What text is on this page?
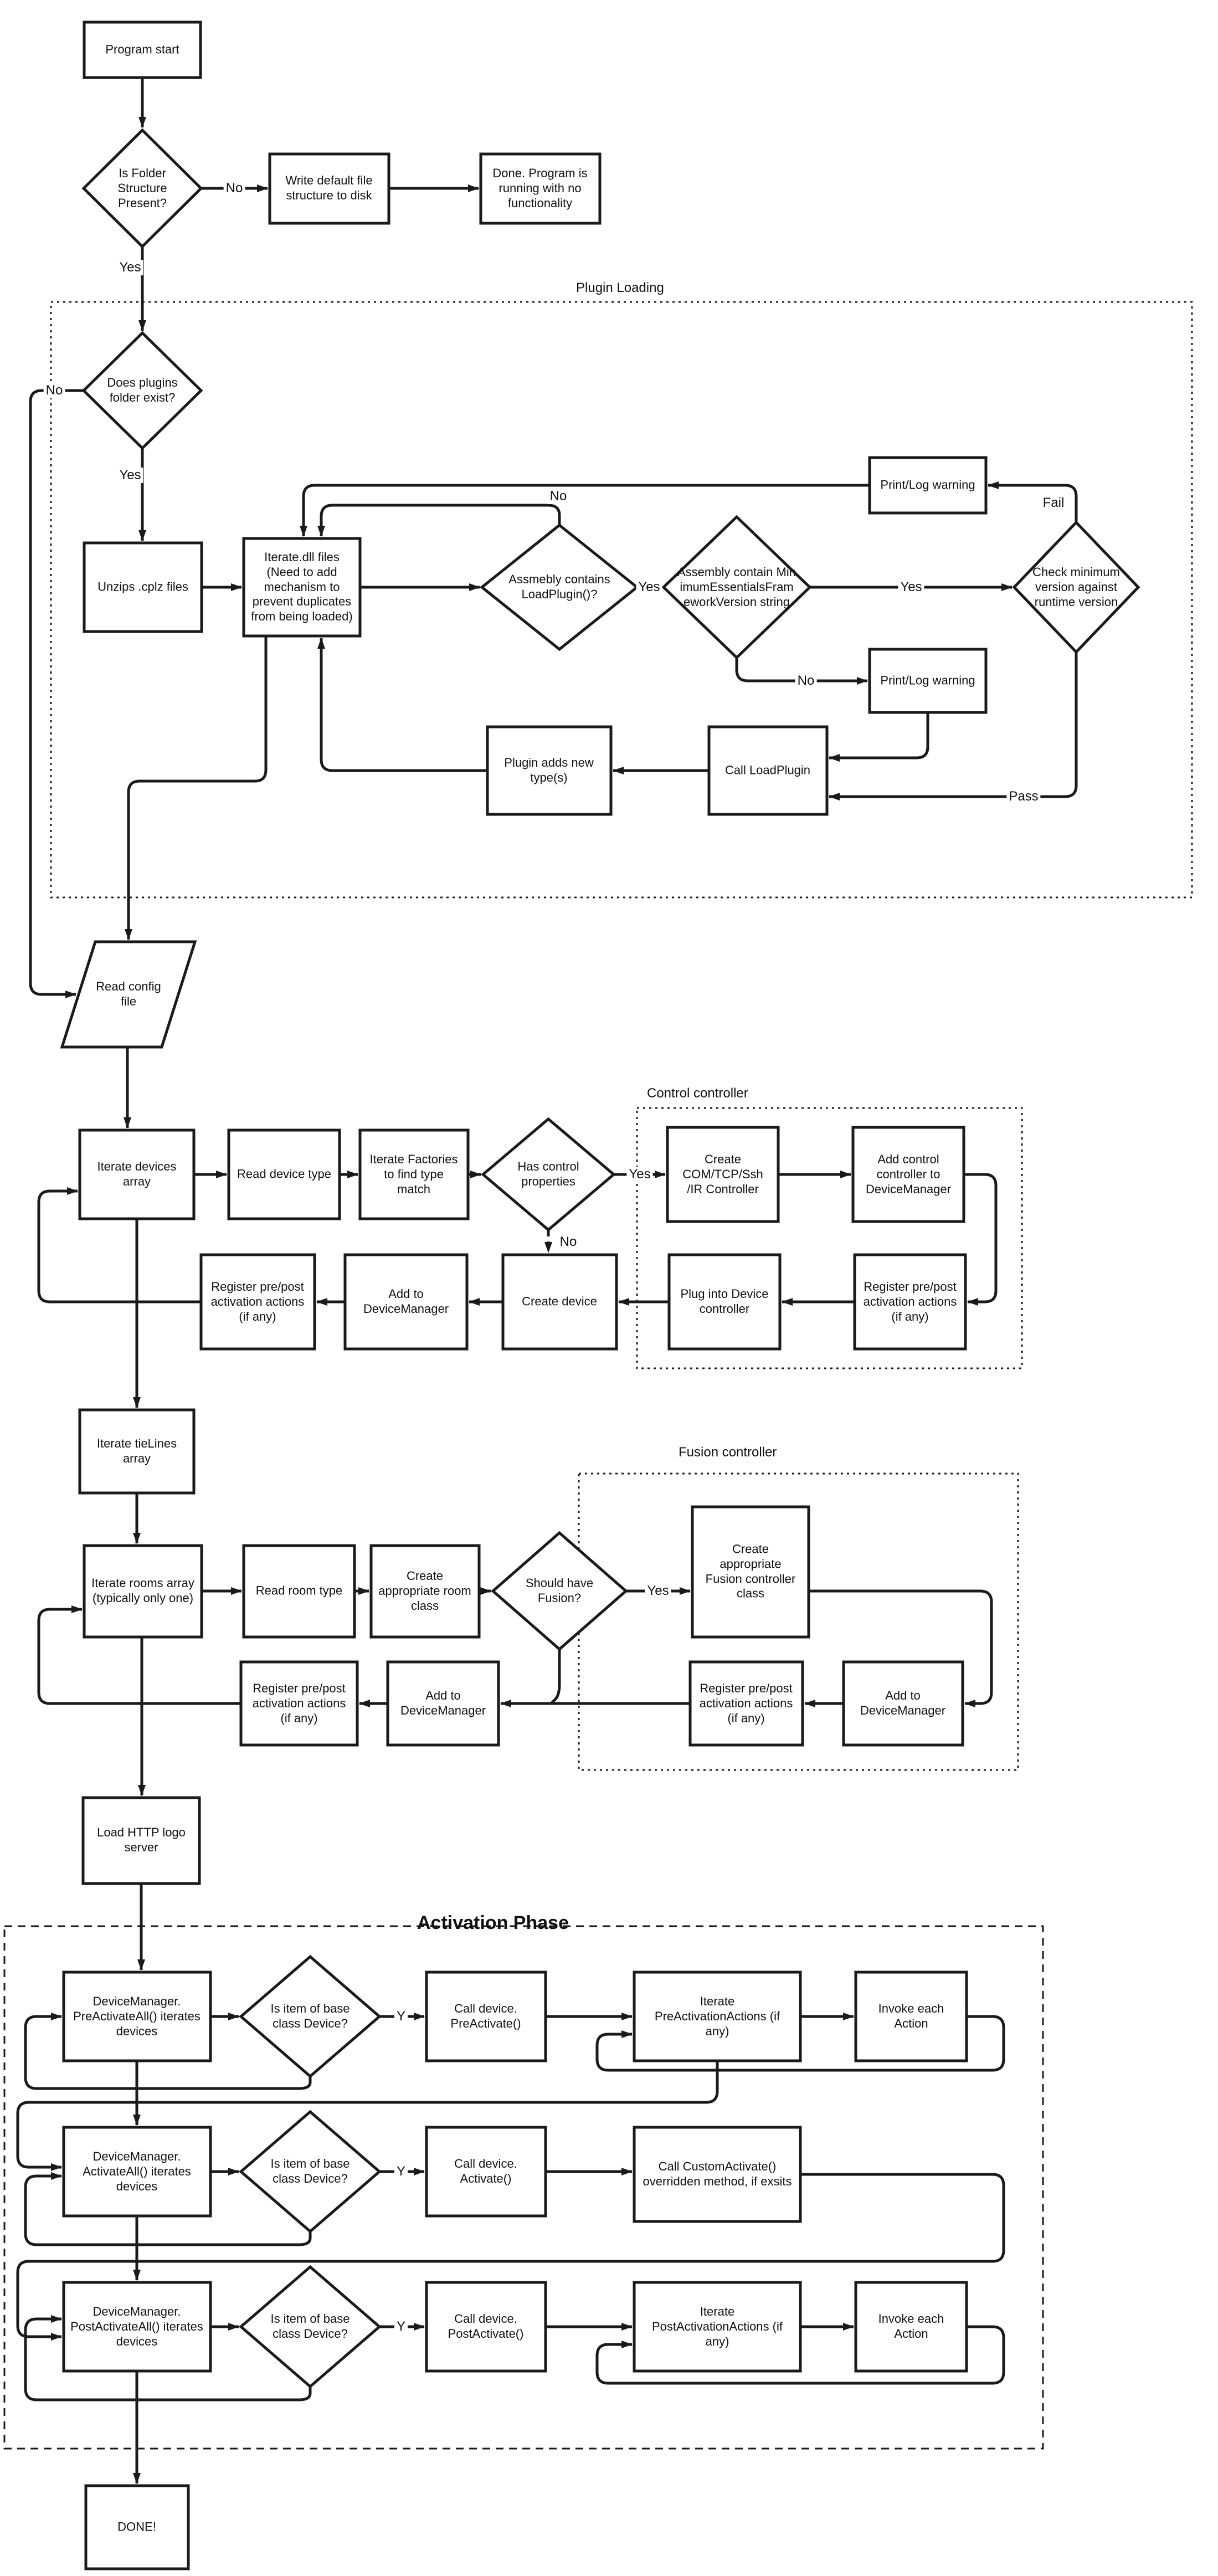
Plugin Loading
Control controller
Fusion controller
Activation Phase
Program start
Is Folder Structure Present?
Write default file structure to disk
Done. Program is running with no functionality
Does plugins folder exist?
Unzips .cplz files
Iterate.dll files (Need to add mechanism to prevent duplicates from being loaded)
Assmebly contains LoadPlugin()?
Assembly contain MinimumEssentialsFrameworkVersion string
Check minimum version against runtime version
Print/Log warning
Print/Log warning
Call LoadPlugin
Plugin adds new type(s)
Read config file
Iterate devices array
Read device type
Iterate Factories to find type match
Has control properties
Create COM/TCP/Ssh /IR Controller
Add control controller to DeviceManager
Register pre/post activation actions (if any)
Plug into Device controller
Create device
Add to DeviceManager
Register pre/post activation actions (if any)
Iterate tieLines array
Iterate rooms array (typically only one)
Read room type
Create appropriate room class
Should have Fusion?
Create appropriate Fusion controller class
Add to DeviceManager
Register pre/post activation actions (if any)
Add to DeviceManager
Register pre/post activation actions (if any)
Load HTTP logo server
DeviceManager. PreActivateAll() iterates devices
Is item of base class Device?
Call device. PreActivate()
Iterate PreActivationActions (if any)
Invoke each Action
DeviceManager. ActivateAll() iterates devices
Is item of base class Device?
Call device. Activate()
Call CustomActivate() overridden method, if exsits
DeviceManager. PostActivateAll() iterates devices
Is item of base class Device?
Call device. PostActivate()
Iterate PostActivationActions (if any)
Invoke each Action
DONE!
No
Yes
No
Yes
No
Yes	Yes
Fail
No
Pass
Yes
No
Yes
Y
Y
Y
